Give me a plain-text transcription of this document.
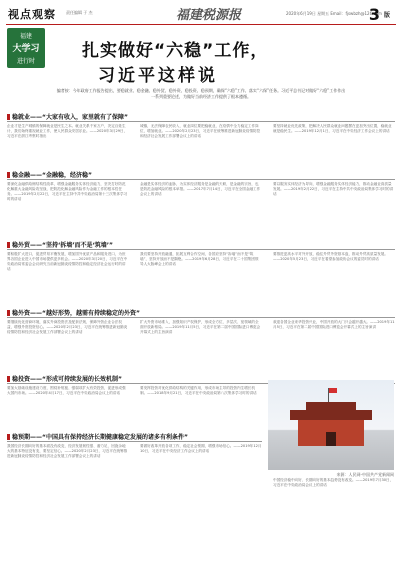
视点观察	责任编辑 于 杰	福建税源报	2020年6月19日 星期五 Email：fjswbzh@126.com
3 版
福建
大学习
进行时
扎实做好“六稳”工作，
习近平这样说
编者按：今年政府工作报告提出，要稳就业、稳金融、稳外贸、稳外资、稳投资、稳预期，确保“六稳”工作、落实“六保”任务。习近平总书记对做好“六稳”工作作出一系列重要论述，为做好当前经济工作提供了根本遵循。
稳就业——“大家有收入，家里就有了保障”
企业才是生产城镇的保障就业是民生之本。就业关系千家万户，决定百姓生计，我们始终重视就业工作，使人民群众安居乐业。——2020年3月29日，习近平在浙江考察时指出
城镇，无法保障农民收入，就业岗位要把稳就业，在疫情中全力稳定工作岗位，增加就业。——2020年2月23日，习近平在统筹推进新冠肺炎疫情防控和经济社会发展工作部署会议上的讲话
要坚持就业优先政策，把解决人民群众就业问题摆在更加突出位置，稳就业就是稳民生。——2019年12月1日，习近平在中央经济工作会议上的讲话
稳金融——“金融稳，经济稳”
要深化金融供给侧结构性改革，增强金融服务实体经济能力，坚决打好防范化解重大金融风险攻坚战，把防范化解金融风险作为金融工作的根本性任务。——2019年2月22日，习近平在主持中共中央政治局第十三次集体学习时的讲话
金融是实体经济的血脉，为实体经济服务是金融的天职，是金融的宗旨，也是防范金融风险的根本举措。——2017年7月14日，习近平在全国金融工作会议上的讲话
要以服务实体经济为导向，增强金融服务实体经济能力，推动金融业高质量发展。——2019年2月22日，习近平在主持中共中央政治局集体学习时的讲话
稳外贸——“坚持‘拆墙’而不是‘筑墙’”
要积极扩大进口，促进贸易平衡发展，增加国外优质产品和服务进口，为世界各国企业进入中国市场提供更多机会。——2020年3月20日，习近平在中央政治局常委会会议研究当前新冠肺炎疫情防控和稳定经济社会运行时的讲话
我们要坚持开放融通，拓展互利合作空间，各国应坚持“拆墙”而不是“筑墙”，坚持开放而不是隔绝。——2019年6月28日，习近平在二十国集团领导人大阪峰会上的讲话
要推进更高水平对外开放，稳住外贸外资基本盘，推动外贸高质量发展。——2020年5月23日，习近平在看望参加政协会议的委员时的讲话
稳外资——“越好形势，越需有持续稳定的外资”
要继续优化营商环境，落实外商投资法及配套法规，保障外资企业合法权益，增强外资投资信心。——2020年2月23日，习近平在统筹推进新冠肺炎疫情防控和经济社会发展工作部署会议上的讲话
扩大外资市场准入，加强知识产权保护，形成全方位、多层次、宽领域的全面开放新格局。——2019年11月5日，习近平在第二届中国国际进口博览会开幕式上的主旨演讲
欢迎各国企业来华投资兴业，中国开放的大门只会越开越大。——2019年11月5日，习近平在第二届中国国际进口博览会开幕式上的主旨演讲
稳投资——“形成可持续发展的长效机制”
要加大基础设施建设力度，围绕补短板、强弱项扩大有效投资，促进形成强大国内市场。——2020年4月17日，习近平在中央政治局会议上的讲话
要发挥投资对优化供给结构的关键作用，形成市场主导的投资内生增长机制。——2018年9月21日，习近平在中央政治局第八次集体学习时的讲话
稳预期——“中国具有保持经济长期健康稳定发展的诸多有利条件”
我国经济长期向好的基本面没有改变，经济发展韧性强、潜力足、回旋余地大的基本特征没有变，要坚定信心。——2020年2月23日，习近平在统筹推进新冠肺炎疫情防控和经济社会发展工作部署会议上的讲话
要做好改革开放各项工作，稳定社会预期，增强市场信心。——2019年12月10日，习近平在中央经济工作会议上的讲话
中国经济稳中向好、长期向好的基本趋势没有改变。——2019年7月30日，习近平在中央政治局会议上的讲话
来源：人民网-中国共产党新闻网
